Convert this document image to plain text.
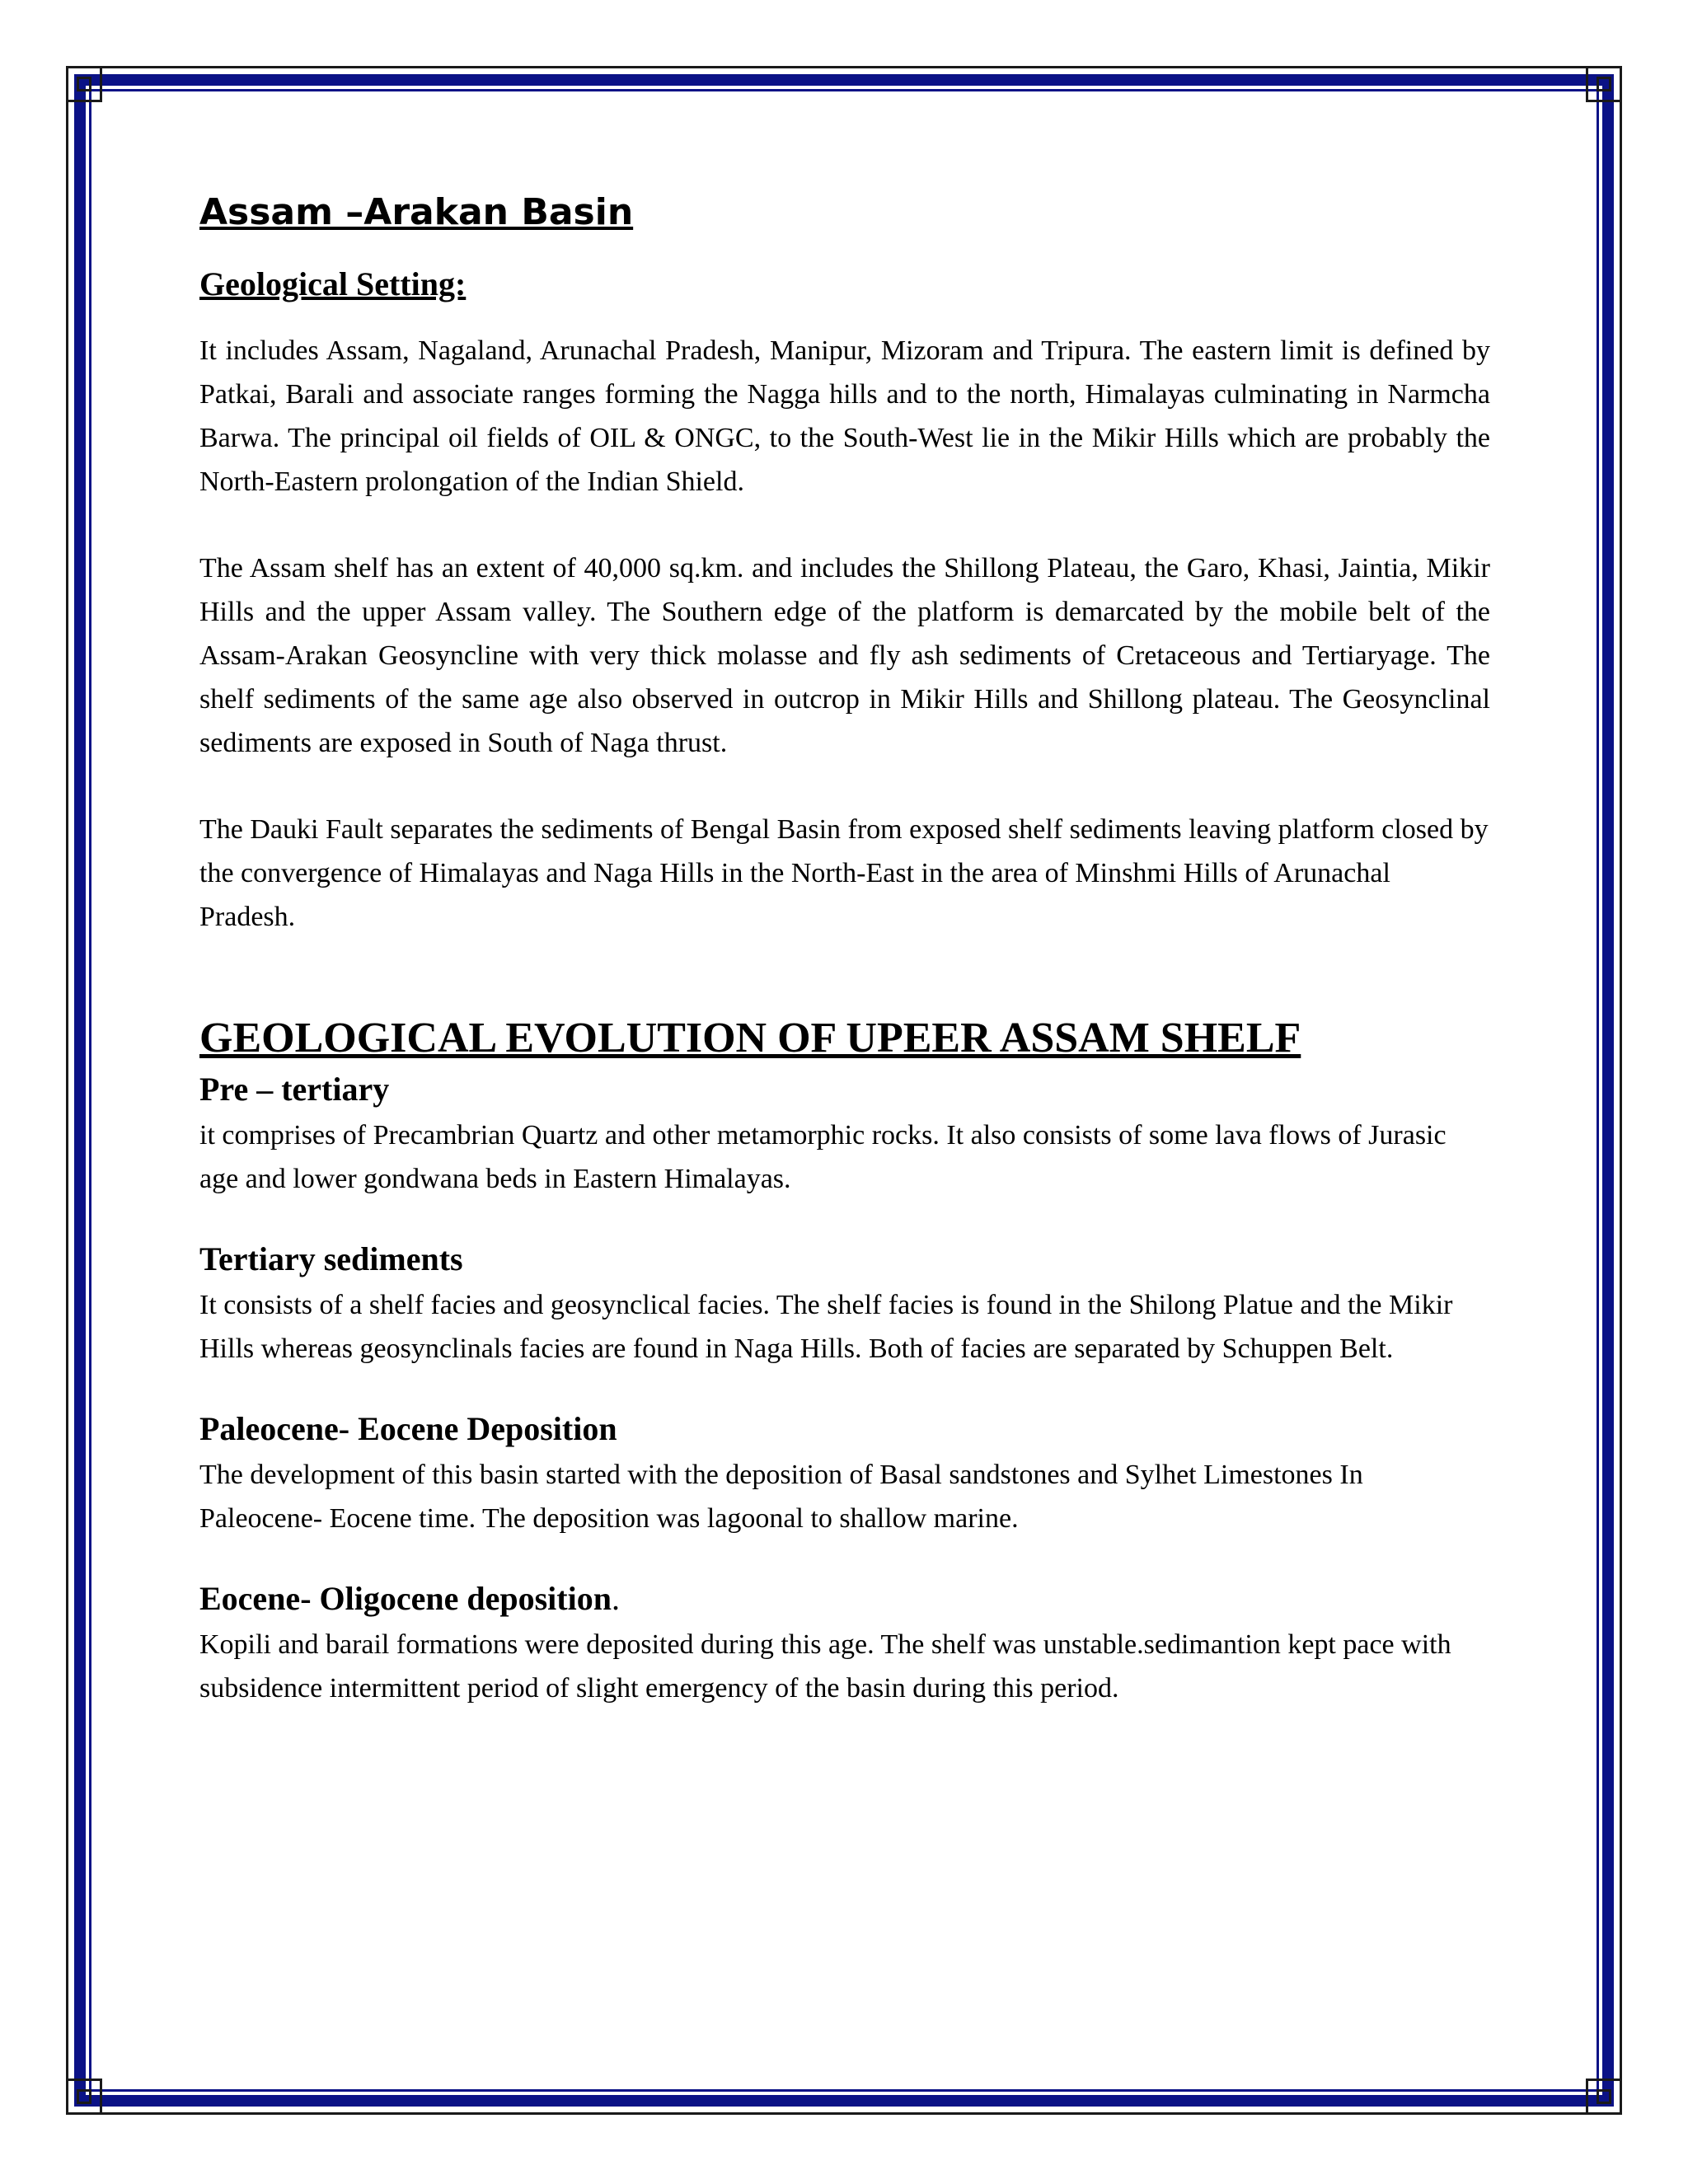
Assam –Arakan Basin
Geological Setting:

It includes Assam, Nagaland, Arunachal Pradesh, Manipur, Mizoram and Tripura. The eastern limit is defined by Patkai, Barali and associate ranges forming the Nagga hills and to the north, Himalayas culminating in Narmcha Barwa. The principal oil fields of OIL & ONGC, to the South-West lie in the Mikir Hills which are probably the North-Eastern prolongation of the Indian Shield.

The Assam shelf has an extent of 40,000 sq.km. and includes the Shillong Plateau, the Garo, Khasi, Jaintia, Mikir Hills and the upper Assam valley. The Southern edge of the platform is demarcated by the mobile belt of the Assam-Arakan Geosyncline with very thick molasse and fly ash sediments of Cretaceous and Tertiaryage. The shelf sediments of the same age also observed in outcrop in Mikir Hills and Shillong plateau. The Geosynclinal sediments are exposed in South of Naga thrust.

The Dauki Fault separates the sediments of Bengal Basin from exposed shelf sediments leaving platform closed by the convergence of Himalayas and Naga Hills in the North-East in the area of Minshmi Hills of Arunachal Pradesh.

GEOLOGICAL EVOLUTION OF UPEER ASSAM SHELF
Pre – tertiary

it comprises of Precambrian Quartz and other metamorphic rocks. It also consists of some lava flows of Jurasic age and lower gondwana beds in Eastern Himalayas.

Tertiary sediments

It consists of a shelf facies and geosynclical facies. The shelf facies is found in the Shilong Platue and the Mikir Hills whereas geosynclinals facies are found in Naga Hills. Both of facies are separated by Schuppen Belt.

Paleocene- Eocene Deposition

The development of this basin started with the deposition of Basal sandstones and Sylhet Limestones In Paleocene- Eocene time. The deposition was lagoonal to shallow marine.

Eocene- Oligocene deposition.

Kopili and barail formations were deposited during this age. The shelf was unstable.sedimantion kept pace with subsidence intermittent period of slight emergency of the basin during this period.
